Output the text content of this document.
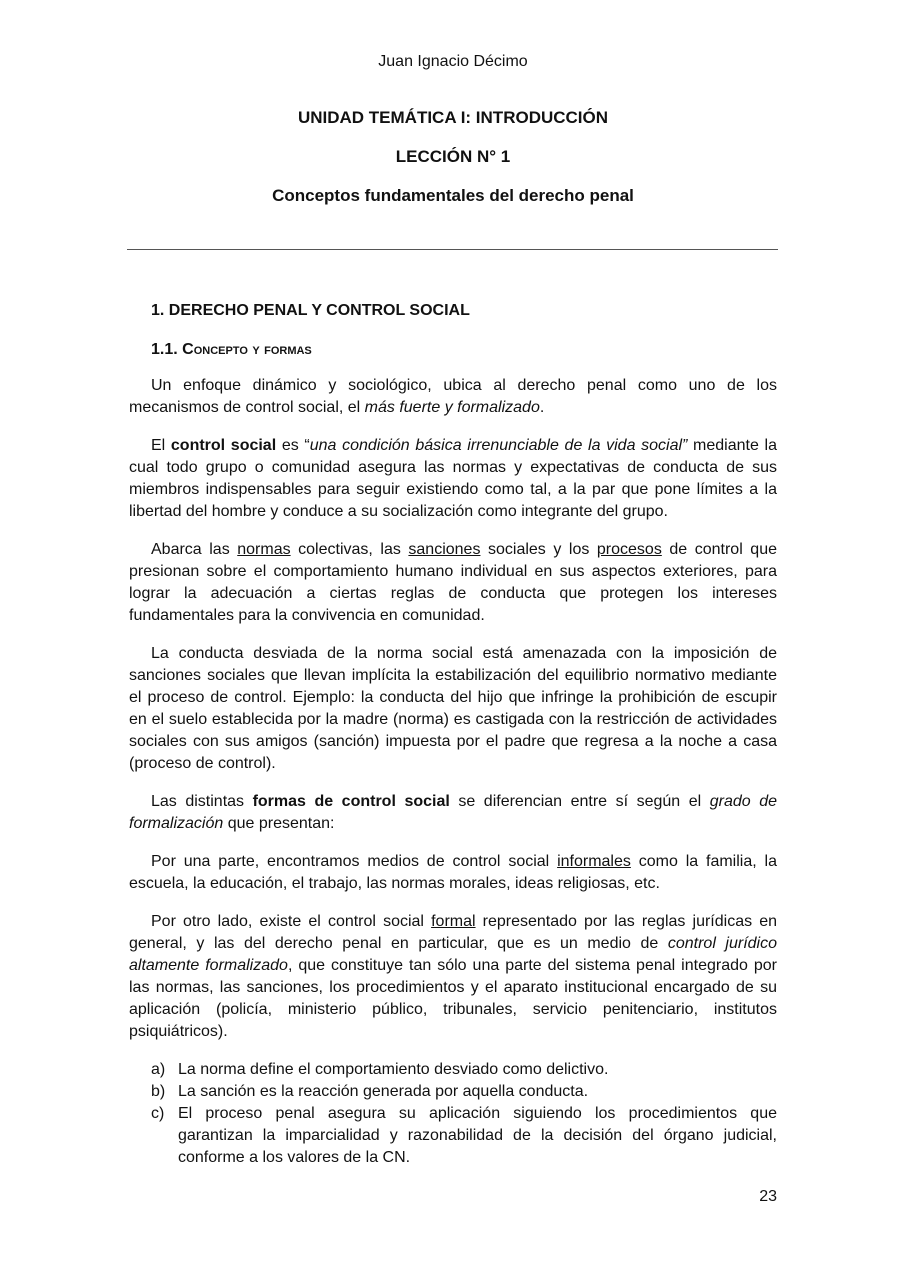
Juan Ignacio Décimo
UNIDAD TEMÁTICA I: INTRODUCCIÓN
LECCIÓN N° 1
Conceptos fundamentales del derecho penal
1. DERECHO PENAL Y CONTROL SOCIAL
1.1. Concepto y formas

Un enfoque dinámico y sociológico, ubica al derecho penal como uno de los mecanismos de control social, el más fuerte y formalizado.

El control social es “una condición básica irrenunciable de la vida social” mediante la cual todo grupo o comunidad asegura las normas y expectativas de conducta de sus miembros indispensables para seguir existiendo como tal, a la par que pone límites a la libertad del hombre y conduce a su socialización como integrante del grupo.

Abarca las normas colectivas, las sanciones sociales y los procesos de control que presionan sobre el comportamiento humano individual en sus aspectos exteriores, para lograr la adecuación a ciertas reglas de conducta que protegen los intereses fundamentales para la convivencia en comunidad.

La conducta desviada de la norma social está amenazada con la imposición de sanciones sociales que llevan implícita la estabilización del equilibrio normativo mediante el proceso de control. Ejemplo: la conducta del hijo que infringe la prohibición de escupir en el suelo establecida por la madre (norma) es castigada con la restricción de actividades sociales con sus amigos (sanción) impuesta por el padre que regresa a la noche a casa (proceso de control).

Las distintas formas de control social se diferencian entre sí según el grado de formalización que presentan:

Por una parte, encontramos medios de control social informales como la familia, la escuela, la educación, el trabajo, las normas morales, ideas religiosas, etc.

Por otro lado, existe el control social formal representado por las reglas jurídicas en general, y las del derecho penal en particular, que es un medio de control jurídico altamente formalizado, que constituye tan sólo una parte del sistema penal integrado por las normas, las sanciones, los procedimientos y el aparato institucional encargado de su aplicación (policía, ministerio público, tribunales, servicio penitenciario, institutos psiquiátricos).

a) La norma define el comportamiento desviado como delictivo.
b) La sanción es la reacción generada por aquella conducta.
c) El proceso penal asegura su aplicación siguiendo los procedimientos que garantizan la imparcialidad y razonabilidad de la decisión del órgano judicial, conforme a los valores de la CN.
23
